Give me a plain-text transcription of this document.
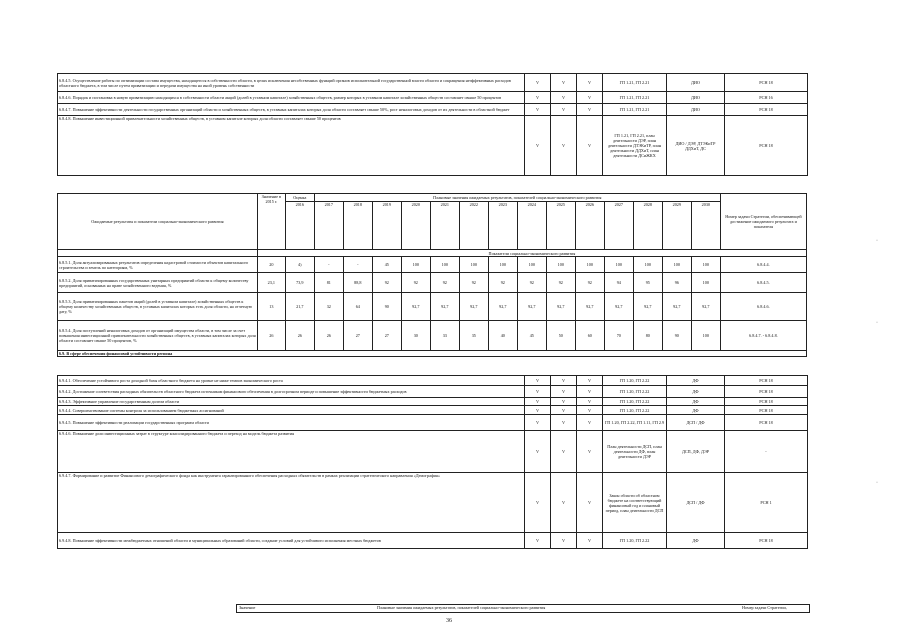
6.8.4.5. Осуществление работы по оптимизации состава имущества, находящегося в собственности области, в целях исключения несобственных функций органов исполнительной государственной власти области и сокращения неэффективных расходов областного бюджета, в том числе путем приватизации и передачи имущества на иной уровень собственности	V	V	V	ГП 1.21, ГП 2.21	ДИО	РСН 18
6.8.4.6. Порядок и постановка в новую приватизацию находящихся в собственности области акций (долей в уставном капитале) хозяйственных обществ, размер которых в уставном капитале хозяйственных обществ составляет свыше 50 процентов	V	V	V	ГП 1.21, ГП 2.21	ДИО	РСН 16
6.8.4.7. Повышение эффективности деятельности государственных организаций области и хозяйственных обществ, в уставных капиталах которых доля области составляет свыше 50%, рост неналоговых доходов от их деятельности в областной бюджет	V	V	V	ГП 1.21, ГП 2.21	ДИО	РСН 18
6.8.4.8. Повышение инвестиционной привлекательности хозяйственных обществ, в уставном капитале которых доля области составляет свыше 50 процентов	V	V	V	ГП 1.21, ГП 2.21, план деятельности ДЭР, план деятельности ДТЭКиТР, план деятельности ДДХиТ, план деятельности ДСиЖКХ	ДИО / ДЭР, ДТЭКиТР ДДХиТ, ДС	РСН 18
Ожидаемые результаты и показатели социально-экономического развития	Значение в 2015 г.	Оценка	Плановые значения ожидаемых результатов, показателей социально-экономического развития														Номер задачи Стратегии, обеспечивающей достижение ожидаемого результата и показателя
		2016	2017	2018	2019	2020	2021	2022	2023	2024	2025	2026	2027	2028	2029	2030	
	Показатели социально-экономического развития																
6.8.5.1. Доля актуализированных результатов определения кадастровой стоимости объектов капитального строительства и земель по категориям, %	20	4)	-	-	45	100	100	100	100	100	100	100	100	100	100	100	6.8.4.4.
6.8.5.2. Доля приватизированных государственных унитарных предприятий области к общему количеству предприятий, основанных на праве хозяйственного ведения, %	23,1	73,9	81	88,8	92	92	92	92	92	92	92	92	94	95	96	100	6.8.4.5.
6.8.5.3. Доля приватизированных пакетов акций (долей в уставном капитале) хозяйственных обществ к общему количеству хозяйственных обществ, в уставных капиталах которых есть доля области, на отчетную дату, %	13	21,7	32	64	90	92,7	92,7	92,7	92,7	92,7	92,7	92,7	92,7	92,7	92,7	92,7	6.8.4.6.
6.8.5.4. Доля поступлений неналоговых доходов от организаций имущества области, в том числе за счет повышения инвестиционной привлекательности хозяйственных обществ, в уставных капиталах которых доля области составляет свыше 50 процентов, %	26	26	26	27	27	30	33	35	40	45	50	60	70	80	90	100	6.8.4.7. - 6.8.4.8.
6.9. В сфере обеспечения финансовой устойчивости региона																	
6.9.4.1. Обеспечение устойчивого роста доходной базы областного бюджета на уровне не ниже темпов экономического роста	V	V	V	ГП 1.20, ГП 2.22	ДФ	РСН 18
6.9.4.2. Достижение соответствия расходных обязательств областного бюджета источникам финансового обеспечения в долгосрочном периоде и повышение эффективности бюджетных расходов	V	V	V	ГП 1.20, ГП 2.22	ДФ	РСН 18
6.9.4.3. Эффективное управление государственным долгом области	V	V	V	ГП 1.20, ГП 2.22	ДФ	РСН 18
6.9.4.4. Совершенствование системы контроля за использованием бюджетных ассигнований	V	V	V	ГП 1.20, ГП 2.22	ДФ	РСН 18
6.9.4.5. Повышение эффективности реализации государственных программ области	V	V	V	ГП 1.20, ГП 2.22, ГП 1.11, ГП 2.9	ДСП / ДФ	РСН 18
6.9.4.6. Повышение доли инвестиционных затрат в структуре консолидированного бюджета и переход на модель бюджета развития	V	V	V	План деятельности ДСП, план деятельности ДФ, план деятельности ДЭР	ДСП, ДФ, ДЭР	-
6.9.4.7. Формирование и развитие Финансового демографического фонда как инструмента гарантированного обеспечения расходных обязательств в рамках реализации стратегического направления «Демография»	V	V	V	Закон области об областном бюджете на соответствующий финансовый год и плановый период, план деятельности ДСП	ДСП / ДФ	РСН 1
6.9.4.8. Повышение эффективности межбюджетных отношений области и муниципальных образований области, создание условий для устойчивого исполнения местных бюджетов	V	V	V	ГП 1.20, ГП 2.22	ДФ	РСН 18
Значение	Плановые значения ожидаемых результатов, показателей социально-экономического развития	Номер задачи Стратегии,
·
·
·
36
